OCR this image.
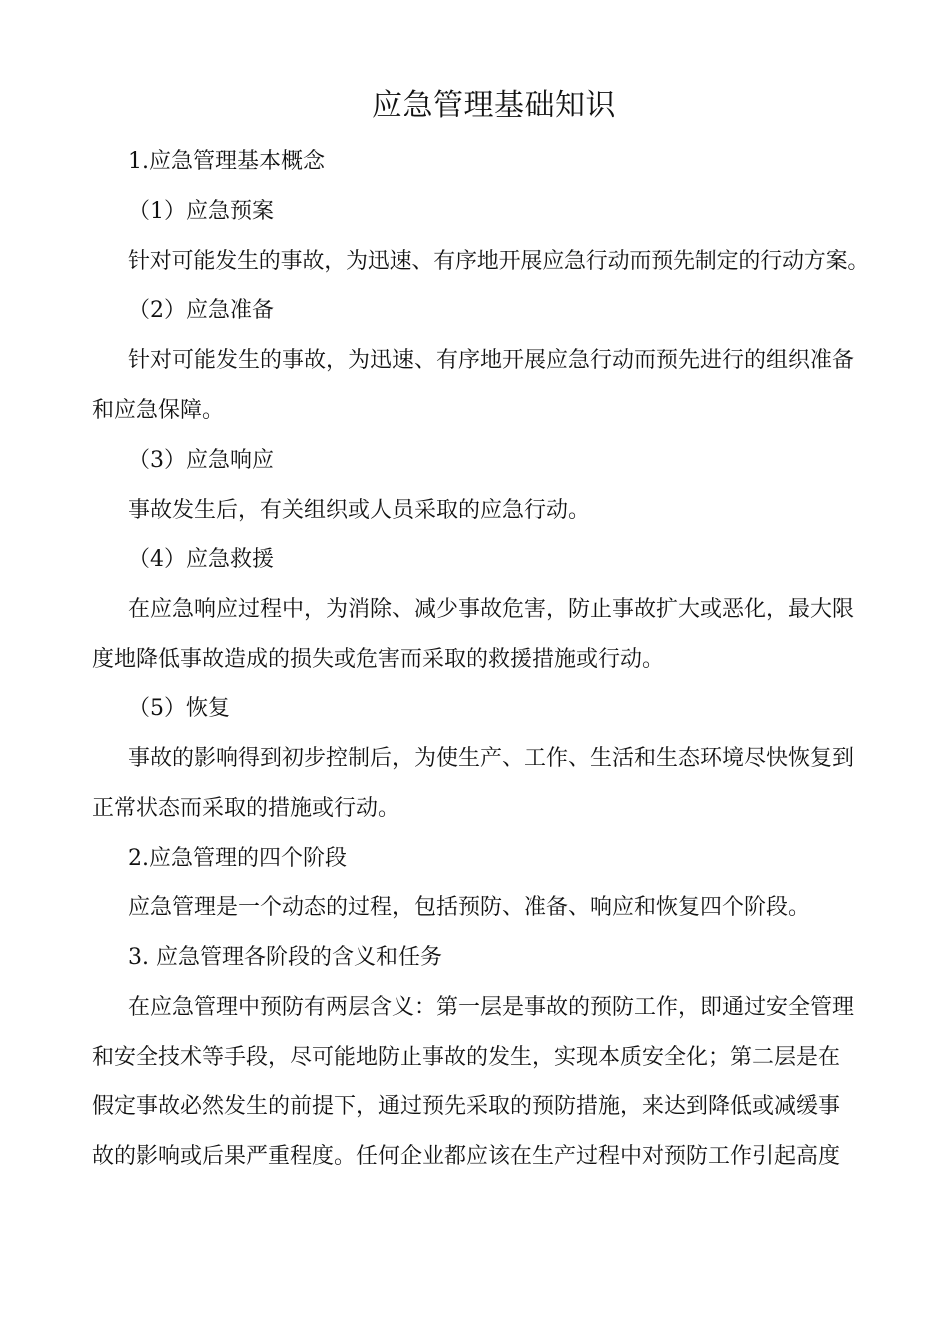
应急管理基础知识
1.应急管理基本概念
（1）应急预案
针对可能发生的事故，为迅速、有序地开展应急行动而预先制定的行动方案。
（2）应急准备
针对可能发生的事故，为迅速、有序地开展应急行动而预先进行的组织准备
和应急保障。
（3）应急响应
事故发生后，有关组织或人员采取的应急行动。
（4）应急救援
在应急响应过程中，为消除、减少事故危害，防止事故扩大或恶化，最大限
度地降低事故造成的损失或危害而采取的救援措施或行动。
（5）恢复
事故的影响得到初步控制后，为使生产、工作、生活和生态环境尽快恢复到
正常状态而采取的措施或行动。
2.应急管理的四个阶段
应急管理是一个动态的过程，包括预防、准备、响应和恢复四个阶段。
3. 应急管理各阶段的含义和任务
在应急管理中预防有两层含义：第一层是事故的预防工作，即通过安全管理
和安全技术等手段，尽可能地防止事故的发生，实现本质安全化；第二层是在
假定事故必然发生的前提下，通过预先采取的预防措施，来达到降低或减缓事
故的影响或后果严重程度。任何企业都应该在生产过程中对预防工作引起高度
